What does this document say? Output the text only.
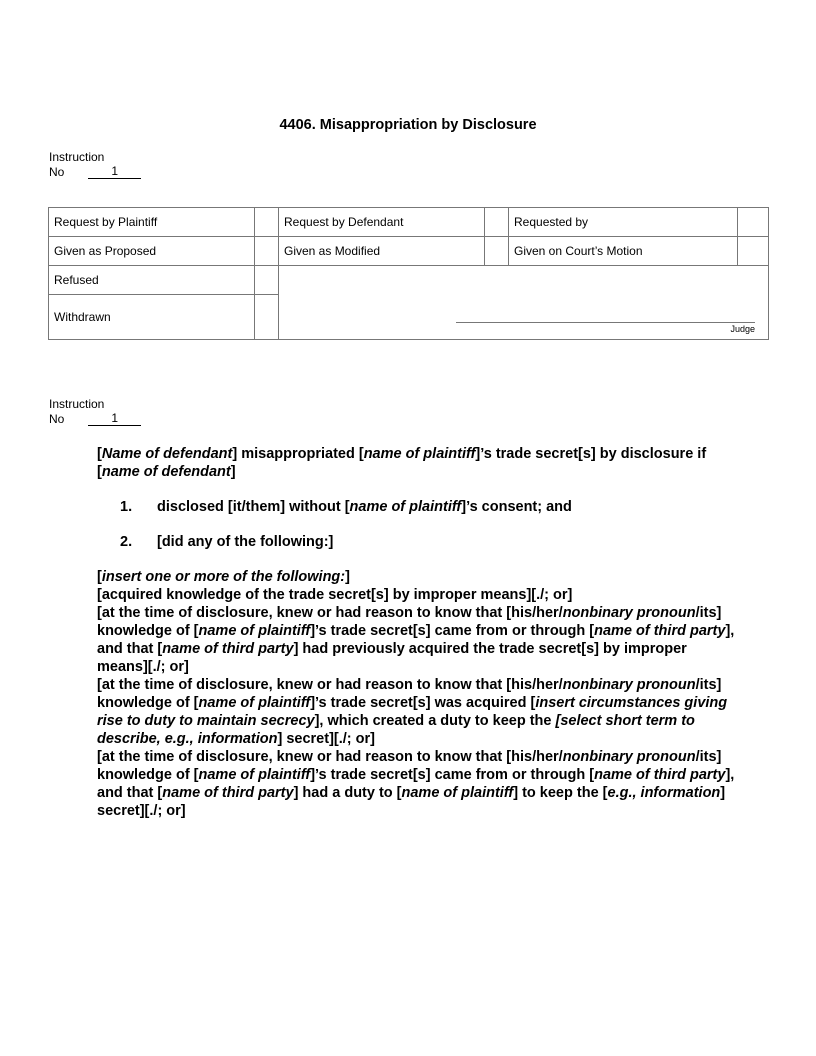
4406. Misappropriation by Disclosure
Instruction
No	1
Request by Plaintiff		Request by Defendant		Requested by	
Given as Proposed		Given as Modified		Given on Court’s Motion	
Refused		Judge			

Withdrawn					
Instruction
No	1

[Name of defendant] misappropriated [name of plaintiff]’s trade secret[s] by disclosure if [name of defendant]

1.	disclosed [it/them] without [name of plaintiff]’s consent; and
2.	[did any of the following:]

[insert one or more of the following:]

[acquired knowledge of the trade secret[s] by improper means][./; or]

[at the time of disclosure, knew or had reason to know that [his/her/nonbinary pronoun/its] knowledge of [name of plaintiff]’s trade secret[s] came from or through [name of third party], and that [name of third party] had previously acquired the trade secret[s] by improper means][./; or]

[at the time of disclosure, knew or had reason to know that [his/her/nonbinary pronoun/its] knowledge of [name of plaintiff]’s trade secret[s] was acquired [insert circumstances giving rise to duty to maintain secrecy], which created a duty to keep the [select short term to describe, e.g., information] secret][./; or]

[at the time of disclosure, knew or had reason to know that [his/her/nonbinary pronoun/its] knowledge of [name of plaintiff]’s trade secret[s] came from or through [name of third party], and that [name of third party] had a duty to [name of plaintiff] to keep the [e.g., information] secret][./; or]
